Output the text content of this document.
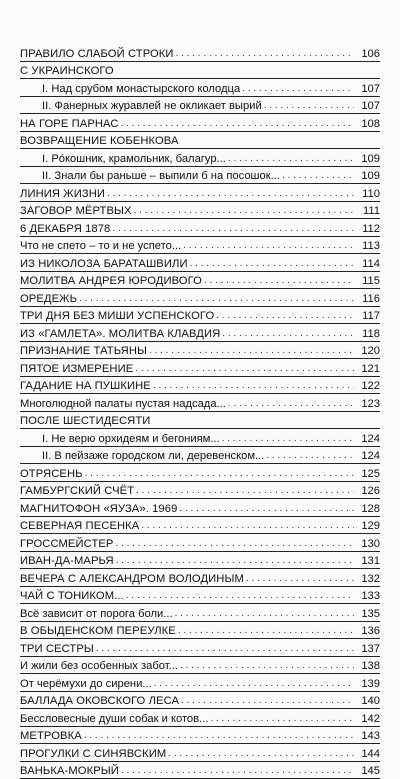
ПРАВИЛО СЛАБОЙ СТРОКИ . . .	106
С УКРАИНСКОГО
I. Над срубом монастырского колодца . . .	107
II. Фанерных журавлей не окликает вырий . . .	107
НА ГОРЕ ПАРНАС . . .	108
ВОЗВРАЩЕНИЕ КОБЕНКОВА
I. Рóкошник, крамольник, балагур... . . .	109
II. Знали бы раньше – выпили б на посошок... . . .	109
ЛИНИЯ ЖИЗНИ . . .	110
ЗАГОВОР МЁРТВЫХ . . .	111
6 ДЕКАБРЯ 1878 . . .	112
Что не спето – то и не успето... . . .	113
ИЗ НИКОЛОЗА БАРАТАШВИЛИ . . .	114
МОЛИТВА АНДРЕЯ ЮРОДИВОГО . . .	115
ОРЕДЕЖЬ . . .	116
ТРИ ДНЯ БЕЗ МИШИ УСПЕНСКОГО . . .	117
ИЗ «ГАМЛЕТА». МОЛИТВА КЛАВДИЯ . . .	118
ПРИЗНАНИЕ ТАТЬЯНЫ . . .	120
ПЯТОЕ ИЗМЕРЕНИЕ . . .	121
ГАДАНИЕ НА ПУШКИНЕ . . .	122
Многолюдной палаты пустая надсада... . . .	123
ПОСЛЕ ШЕСТИДЕСЯТИ
I. Не верю орхидеям и бегониям... . . .	124
II. В пейзаже городском ли, деревенском... . . .	124
ОТРЯСЕНЬ . . .	125
ГАМБУРГСКИЙ СЧЁТ . . .	126
МАГНИТОФОН «ЯУЗА». 1969 . . .	128
СЕВЕРНАЯ ПЕСЕНКА . . .	129
ГРОССМЕЙСТЕР . . .	130
ИВАН-ДА-МАРЬЯ . . .	131
ВЕЧЕРА С АЛЕКСАНДРОМ ВОЛОДИНЫМ . . .	132
ЧАЙ С ТОНИКОМ... . . .	133
Всё зависит от порога боли... . . .	135
В ОБЫДЕНСКОМ ПЕРЕУЛКЕ . . .	136
ТРИ СЕСТРЫ . . .	137
И жили без особенных забот... . . .	138
От черёмухи до сирени... . . .	139
БАЛЛАДА ОКОВСКОГО ЛЕСА . . .	140
Бессловесные души собак и котов... . . .	142
МЕТРОВКА . . .	143
ПРОГУЛКИ С СИНЯВСКИМ . . .	144
ВАНЬКА-МОКРЫЙ . . .	145
